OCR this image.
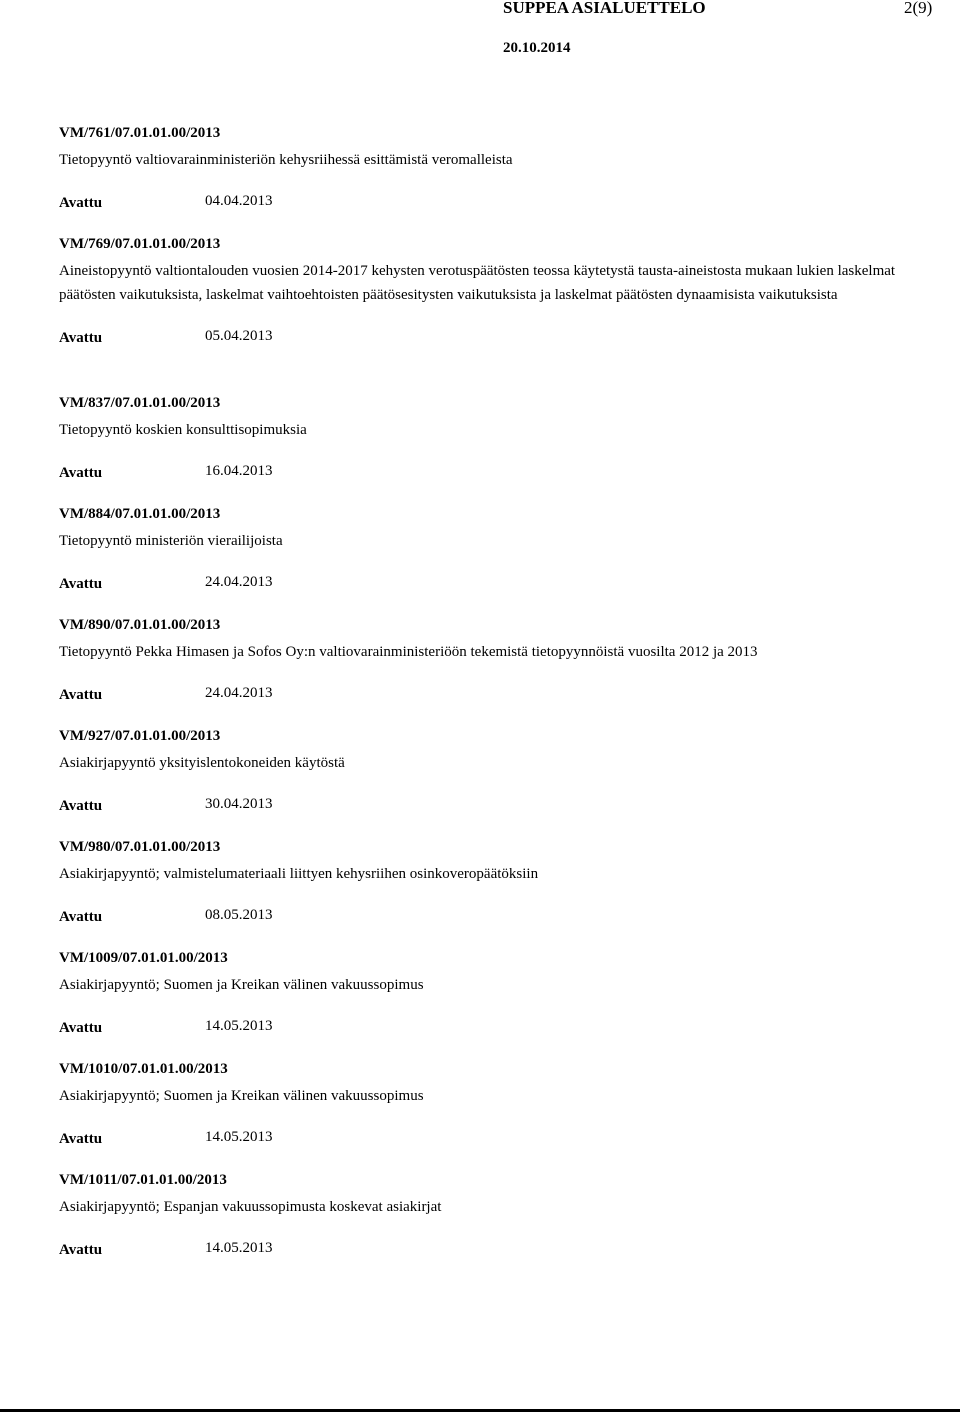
SUPPEA ASIALUETTELO	2(9)
20.10.2014
VM/761/07.01.01.00/2013
Tietopyyntö valtiovarainministeriön kehysriihessä esittämistä veromalleista
Avattu	04.04.2013
VM/769/07.01.01.00/2013
Aineistopyyntö valtiontalouden vuosien 2014-2017 kehysten verotuspäätösten teossa käytetystä tausta-aineistosta mukaan lukien laskelmat päätösten vaikutuksista, laskelmat vaihtoehtoisten päätösesitysten vaikutuksista ja laskelmat päätösten dynaamisista vaikutuksista
Avattu	05.04.2013
VM/837/07.01.01.00/2013
Tietopyyntö koskien konsulttisopimuksia
Avattu	16.04.2013
VM/884/07.01.01.00/2013
Tietopyyntö ministeriön vierailijoista
Avattu	24.04.2013
VM/890/07.01.01.00/2013
Tietopyyntö Pekka Himasen ja Sofos Oy:n valtiovarainministeriöön tekemistä tietopyynnöistä vuosilta 2012 ja 2013
Avattu	24.04.2013
VM/927/07.01.01.00/2013
Asiakirjapyyntö yksityislentokoneiden käytöstä
Avattu	30.04.2013
VM/980/07.01.01.00/2013
Asiakirjapyyntö; valmistelumateriaali liittyen kehysriihen osinkoveropäätöksiin
Avattu	08.05.2013
VM/1009/07.01.01.00/2013
Asiakirjapyyntö; Suomen ja Kreikan välinen vakuussopimus
Avattu	14.05.2013
VM/1010/07.01.01.00/2013
Asiakirjapyyntö; Suomen ja Kreikan välinen vakuussopimus
Avattu	14.05.2013
VM/1011/07.01.01.00/2013
Asiakirjapyyntö; Espanjan vakuussopimusta koskevat asiakirjat
Avattu	14.05.2013
